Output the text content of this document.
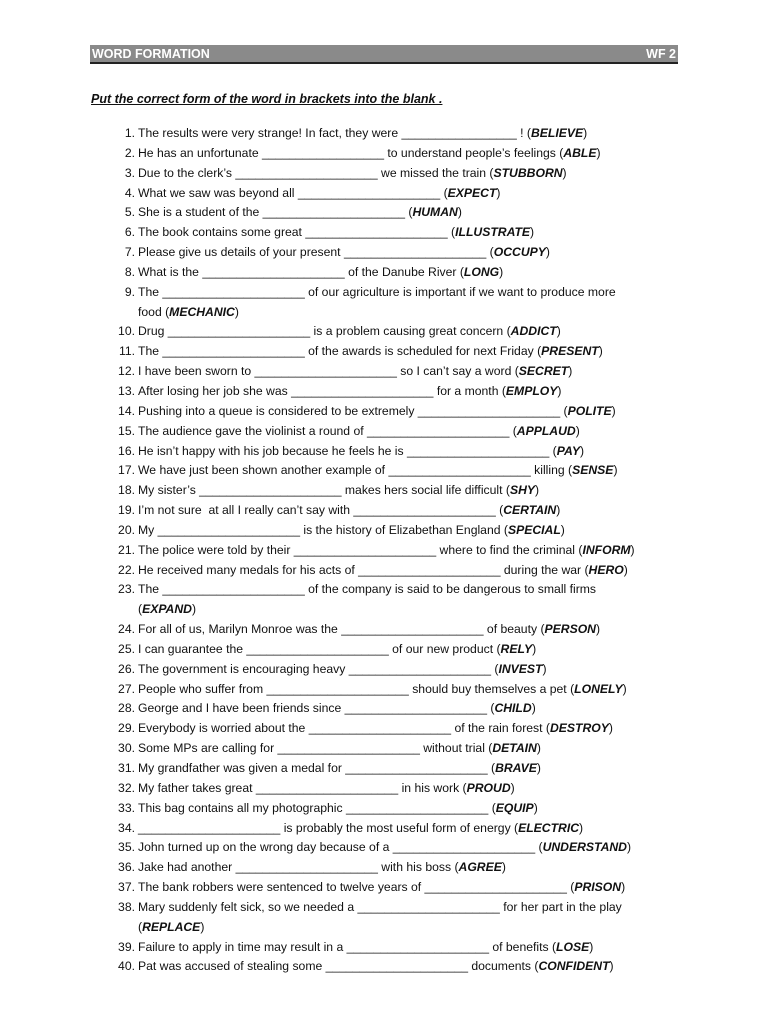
WORD FORMATION	WF 2
Put the correct form of the word in brackets into the blank .
1. The results were very strange! In fact, they were _________________ ! (BELIEVE)
2. He has an unfortunate __________________ to understand people’s feelings (ABLE)
3. Due to the clerk’s _____________________ we missed the train (STUBBORN)
4. What we saw was beyond all _____________________ (EXPECT)
5. She is a student of the _____________________ (HUMAN)
6. The book contains some great _____________________ (ILLUSTRATE)
7. Please give us details of your present _____________________ (OCCUPY)
8. What is the _____________________ of the Danube River (LONG)
9. The _____________________ of our agriculture is important if we want to produce more
food (MECHANIC)
10. Drug _____________________ is a problem causing great concern (ADDICT)
11. The _____________________ of the awards is scheduled for next Friday (PRESENT)
12. I have been sworn to _____________________ so I can’t say a word (SECRET)
13. After losing her job she was _____________________ for a month (EMPLOY)
14. Pushing into a queue is considered to be extremely _____________________ (POLITE)
15. The audience gave the violinist a round of _____________________ (APPLAUD)
16. He isn’t happy with his job because he feels he is _____________________ (PAY)
17. We have just been shown another example of _____________________ killing (SENSE)
18. My sister’s _____________________ makes hers social life difficult (SHY)
19. I’m not sure  at all I really can’t say with _____________________ (CERTAIN)
20. My _____________________ is the history of Elizabethan England (SPECIAL)
21. The police were told by their _____________________ where to find the criminal (INFORM)
22. He received many medals for his acts of _____________________ during the war (HERO)
23. The _____________________ of the company is said to be dangerous to small firms
(EXPAND)
24. For all of us, Marilyn Monroe was the _____________________ of beauty (PERSON)
25. I can guarantee the _____________________ of our new product (RELY)
26. The government is encouraging heavy _____________________ (INVEST)
27. People who suffer from _____________________ should buy themselves a pet (LONELY)
28. George and I have been friends since _____________________ (CHILD)
29. Everybody is worried about the _____________________ of the rain forest (DESTROY)
30. Some MPs are calling for _____________________ without trial (DETAIN)
31. My grandfather was given a medal for _____________________ (BRAVE)
32. My father takes great _____________________ in his work (PROUD)
33. This bag contains all my photographic _____________________ (EQUIP)
34. _____________________ is probably the most useful form of energy (ELECTRIC)
35. John turned up on the wrong day because of a _____________________ (UNDERSTAND)
36. Jake had another _____________________ with his boss (AGREE)
37. The bank robbers were sentenced to twelve years of _____________________ (PRISON)
38. Mary suddenly felt sick, so we needed a _____________________ for her part in the play
(REPLACE)
39. Failure to apply in time may result in a _____________________ of benefits (LOSE)
40. Pat was accused of stealing some _____________________ documents (CONFIDENT)
